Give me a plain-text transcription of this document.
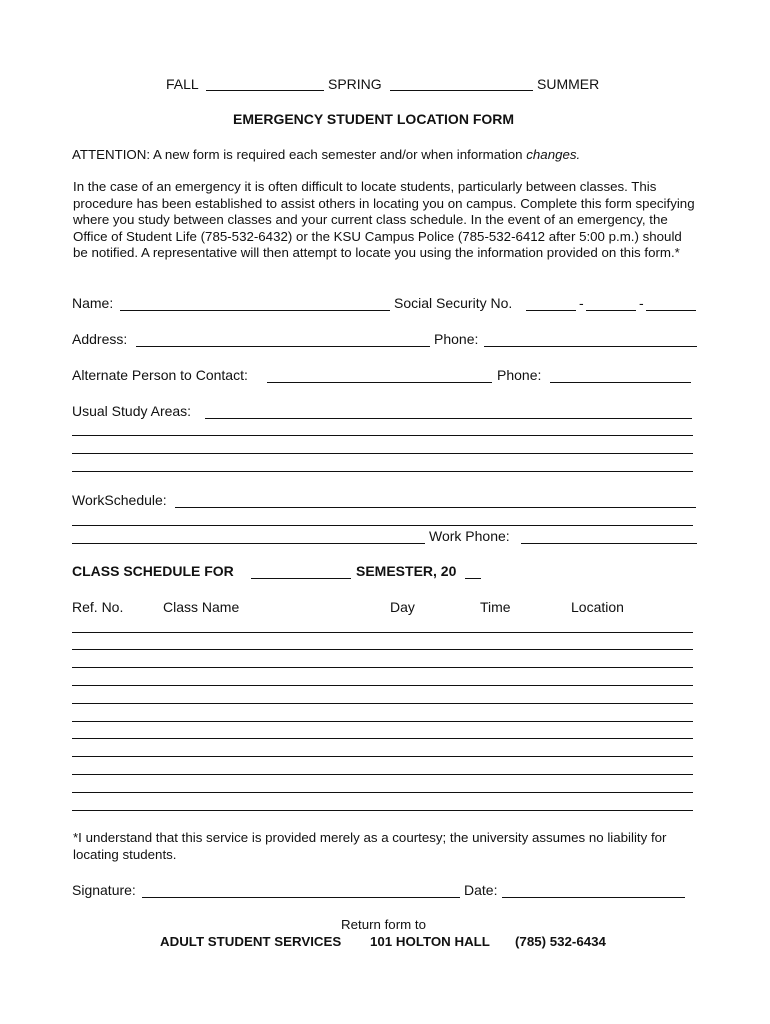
FALL	SPRING	SUMMER
EMERGENCY STUDENT LOCATION FORM
ATTENTION: A new form is required each semester and/or when information changes.
In the case of an emergency it is often difficult to locate students, particularly between classes. This procedure has been established to assist others in locating you on campus. Complete this form specifying where you study between classes and your current class schedule. In the event of an emergency, the Office of Student Life (785-532-6432) or the KSU Campus Police (785-532-6412 after 5:00 p.m.) should be notified. A representative will then attempt to locate you using the information provided on this form.*
Name:	Social Security No.	-	-
Address:	Phone:
Alternate Person to Contact:	Phone:
Usual Study Areas:
WorkSchedule:
Work Phone:
CLASS SCHEDULE FOR	SEMESTER, 20
Ref. No.	Class Name	Day	Time	Location
*I understand that this service is provided merely as a courtesy; the university assumes no liability for locating students.
Signature:	Date:
Return form to
ADULT STUDENT SERVICES 101 HOLTON HALL (785) 532-6434
